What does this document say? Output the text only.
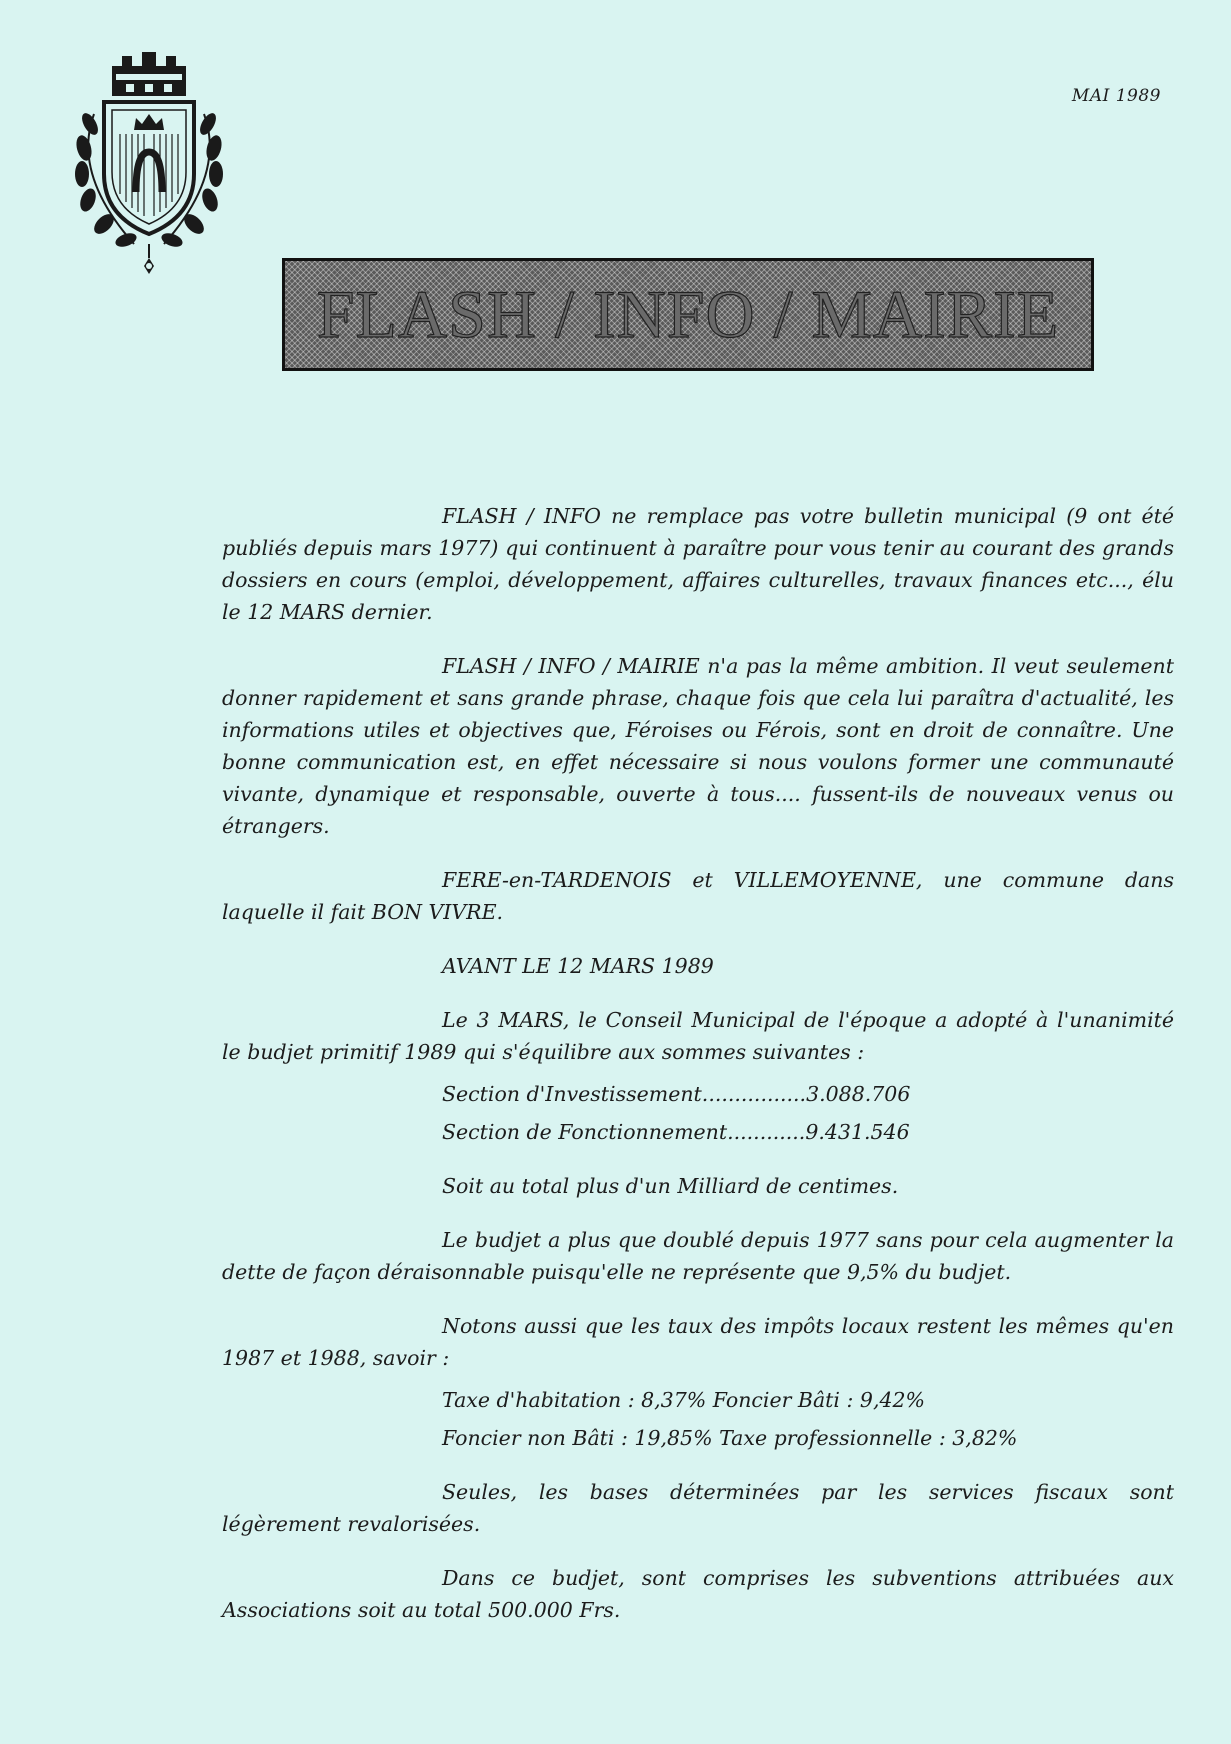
MAI 1989
FLASH / INFO / MAIRIE

FLASH / INFO ne remplace pas votre bulletin municipal (9 ont été publiés depuis mars 1977) qui continuent à paraître pour vous tenir au courant des grands dossiers en cours (emploi, développement, affaires culturelles, travaux finances etc..., élu le 12 MARS dernier.

FLASH / INFO / MAIRIE n'a pas la même ambition. Il veut seulement donner rapidement et sans grande phrase, chaque fois que cela lui paraîtra d'actualité, les informations utiles et objectives que, Féroises ou Férois, sont en droit de connaître. Une bonne communication est, en effet nécessaire si nous voulons former une communauté vivante, dynamique et responsable, ouverte à tous.... fussent-ils de nouveaux venus ou étrangers.

FERE-en-TARDENOIS et VILLEMOYENNE, une commune dans laquelle il fait BON VIVRE.

AVANT LE 12 MARS 1989

Le 3 MARS, le Conseil Municipal de l'époque a adopté à l'unanimité le budjet primitif 1989 qui s'équilibre aux sommes suivantes :

Section d'Investissement ................ 3.088.706
Section de Fonctionnement ............ 9.431.546
Soit au total plus d'un Milliard de centimes.

Le budjet a plus que doublé depuis 1977 sans pour cela augmenter la dette de façon déraisonnable puisqu'elle ne représente que 9,5% du budjet.

Notons aussi que les taux des impôts locaux restent les mêmes qu'en 1987 et 1988, savoir :

Taxe d'habitation : 8,37% Foncier Bâti : 9,42%
Foncier non Bâti : 19,85% Taxe professionnelle : 3,82%

Seules, les bases déterminées par les services fiscaux sont légèrement revalorisées.

Dans ce budjet, sont comprises les subventions attribuées aux Associations soit au total 500.000 Frs.
